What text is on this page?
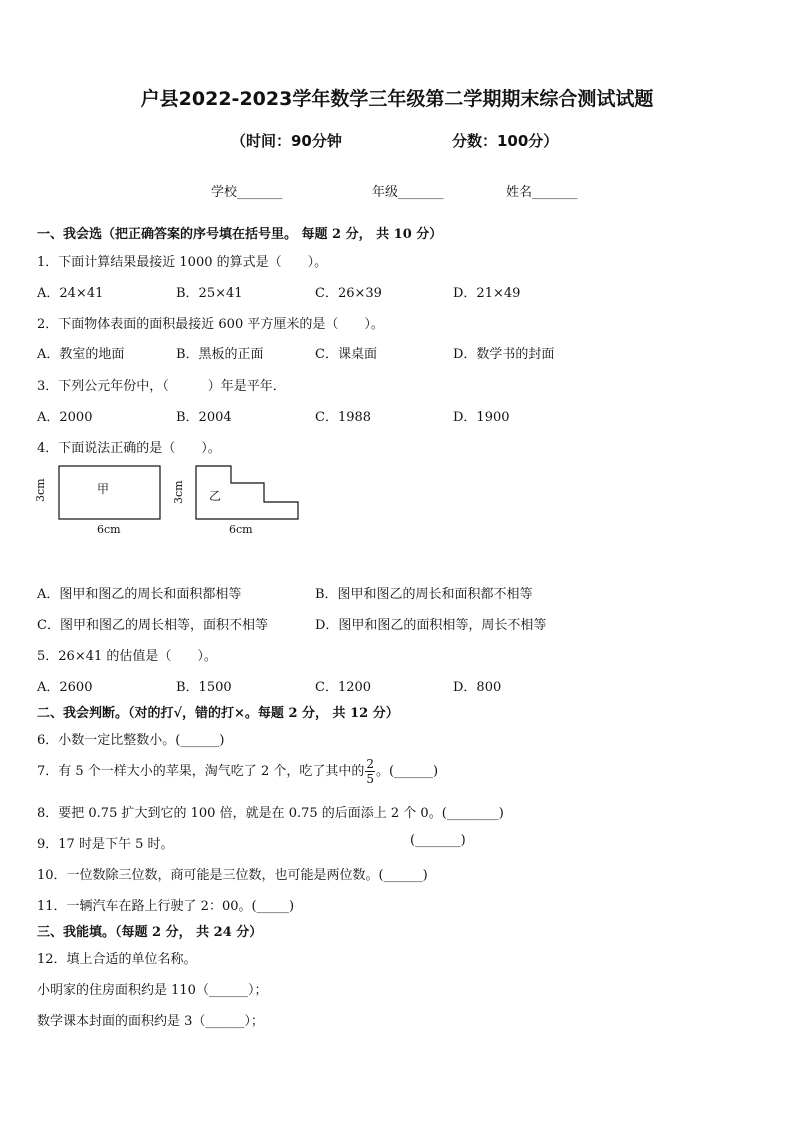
户县2022-2023学年数学三年级第二学期期末综合测试试题
（时间：90分钟	分数：100分）
学校_______	年级_______	姓名_______
一、我会选（把正确答案的序号填在括号里。 每题 2 分， 共 10 分）
1．下面计算结果最接近 1000 的算式是（　　）。
A．24×41	B．25×41	C．26×39	D．21×49
2．下面物体表面的面积最接近 600 平方厘米的是（　　）。
A．教室的地面	B．黑板的正面	C．课桌面	D．数学书的封面
3．下列公元年份中，（　　　）年是平年．
A．2000	B．2004	C．1988	D．1900
4．下面说法正确的是（　　）。
甲	乙
3cm	3cm
6cm	6cm
A．图甲和图乙的周长和面积都相等	B．图甲和图乙的周长和面积都不相等
C．图甲和图乙的周长相等，面积不相等	D．图甲和图乙的面积相等，周长不相等
5．26×41 的估值是（　　）。
A．2600	B．1500	C．1200	D．800
二、我会判断。（对的打√，错的打×。每题 2 分， 共 12 分）
6．小数一定比整数小。(______)
7．有 5 个一样大小的苹果，淘气吃了 2 个，吃了其中的 $\frac{2}{5}$ 。(______)
8．要把 0.75 扩大到它的 100 倍，就是在 0.75 的后面添上 2 个 0。(________)
9．17 时是下午 5 时。	(_______)
10．一位数除三位数，商可能是三位数，也可能是两位数。(______)
11．一辆汽车在路上行驶了 2：00。(_____)
三、我能填。（每题 2 分， 共 24 分）
12．填上合适的单位名称。
小明家的住房面积约是 110（______）；
数学课本封面的面积约是 3（______）；
